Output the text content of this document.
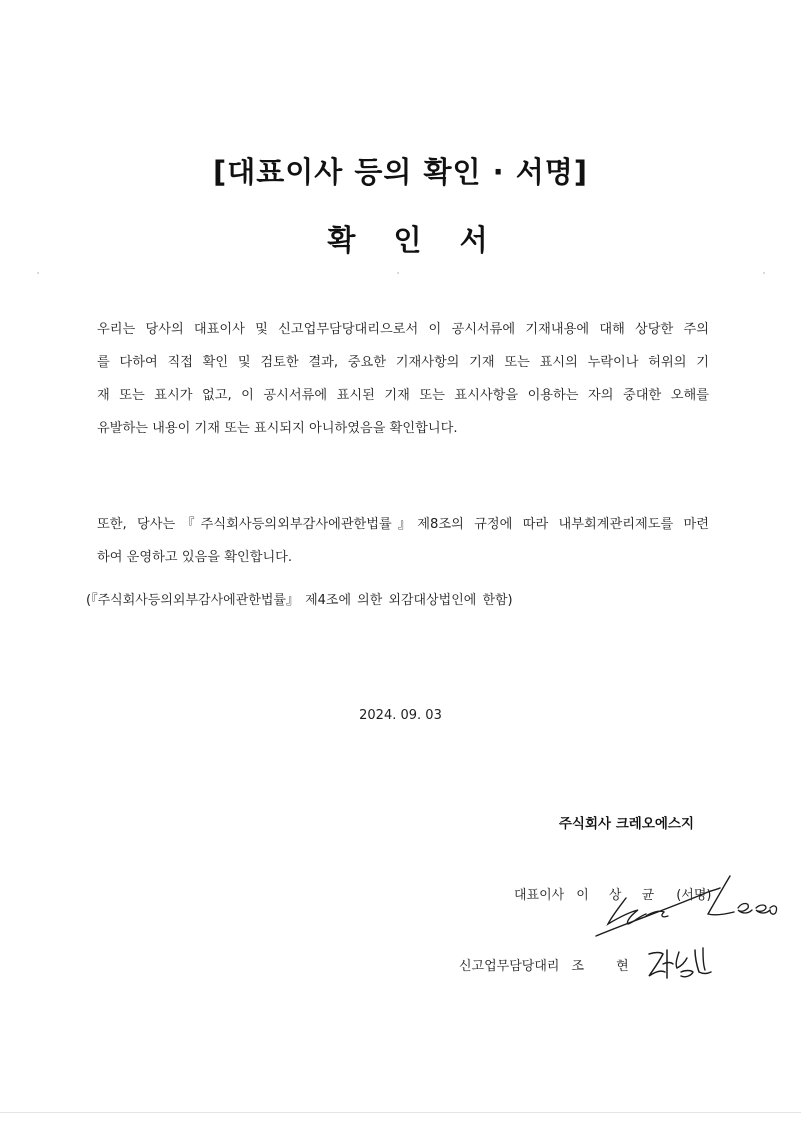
[대표이사 등의 확인 · 서명]
확 인 서
우리는 당사의 대표이사 및 신고업무담당대리으로서 이 공시서류에 기재내용에 대해 상당한 주의
를 다하여 직접 확인 및 검토한 결과, 중요한 기재사항의 기재 또는 표시의 누락이나 허위의 기
재 또는 표시가 없고, 이 공시서류에 표시된 기재 또는 표시사항을 이용하는 자의 중대한 오해를
유발하는 내용이 기재 또는 표시되지 아니하였음을 확인합니다.
또한, 당사는『주식회사등의외부감사에관한법률』제8조의 규정에 따라 내부회계관리제도를 마련
하여 운영하고 있음을 확인합니다.
(『주식회사등의외부감사에관한법률』 제4조에 의한 외감대상법인에 한함)
2024. 09. 03
주식회사 크레오에스지
대표이사 이 상 균 (서명)
신고업무담당대리 조 현
